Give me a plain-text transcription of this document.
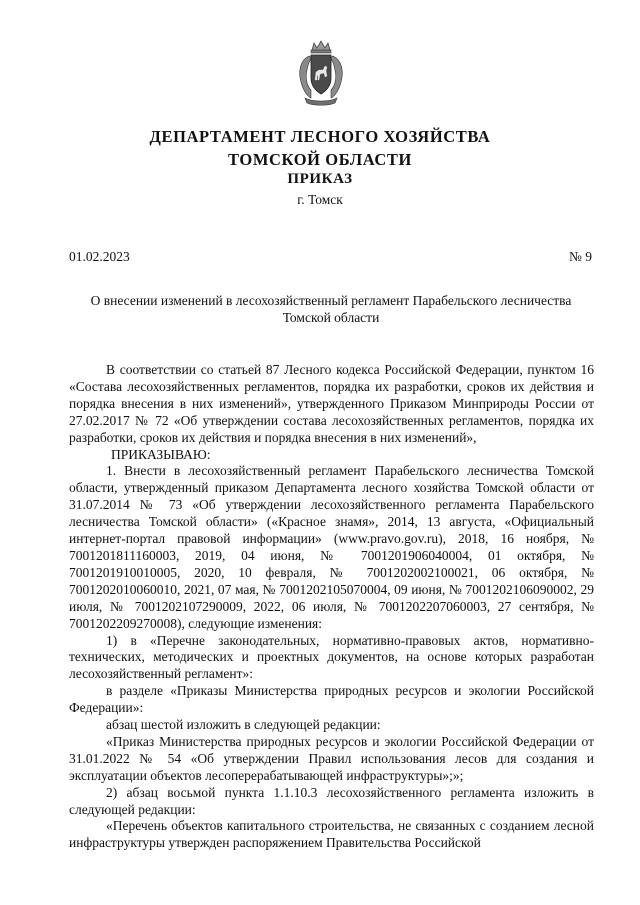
ДЕПАРТАМЕНТ ЛЕСНОГО ХОЗЯЙСТВА
ТОМСКОЙ ОБЛАСТИ
ПРИКАЗ
г. Томск
01.02.2023	№ 9
О внесении изменений в лесохозяйственный регламент Парабельского лесничества Томской области

В соответствии со статьей 87 Лесного кодекса Российской Федерации, пунктом 16 «Состава лесохозяйственных регламентов, порядка их разработки, сроков их действия и порядка внесения в них изменений», утвержденного Приказом Минприроды России от 27.02.2017 № 72 «Об утверждении состава лесохозяйственных регламентов, порядка их разработки, сроков их действия и порядка внесения в них изменений»,

ПРИКАЗЫВАЮ:

1. Внести в лесохозяйственный регламент Парабельского лесничества Томской области, утвержденный приказом Департамента лесного хозяйства Томской области от 31.07.2014 № 73 «Об утверждении лесохозяйственного регламента Парабельского лесничества Томской области» («Красное знамя», 2014, 13 августа, «Официальный интернет-портал правовой информации» (www.pravo.gov.ru), 2018, 16 ноября, № 7001201811160003, 2019, 04 июня, № 7001201906040004, 01 октября, № 7001201910010005, 2020, 10 февраля, № 7001202002100021, 06 октября, № 7001202010060010, 2021, 07 мая, № 7001202105070004, 09 июня, № 7001202106090002, 29 июля, № 7001202107290009, 2022, 06 июля, № 7001202207060003, 27 сентября, № 7001202209270008), следующие изменения:

1) в «Перечне законодательных, нормативно-правовых актов, нормативно-технических, методических и проектных документов, на основе которых разработан лесохозяйственный регламент»:

в разделе «Приказы Министерства природных ресурсов и экологии Российской Федерации»:

абзац шестой изложить в следующей редакции:

«Приказ Министерства природных ресурсов и экологии Российской Федерации от 31.01.2022 № 54 «Об утверждении Правил использования лесов для создания и эксплуатации объектов лесоперерабатывающей инфраструктуры»;»;

2) абзац восьмой пункта 1.1.10.3 лесохозяйственного регламента изложить в следующей редакции:

«Перечень объектов капитального строительства, не связанных с созданием лесной инфраструктуры утвержден распоряжением Правительства Российской
